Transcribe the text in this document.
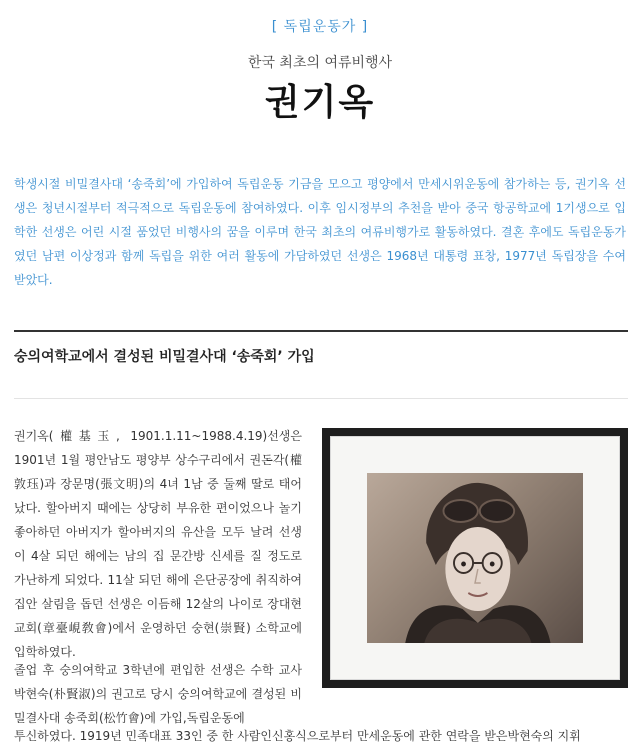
[ 독립운동가 ]
한국 최초의 여류비행사
권기옥
학생시절 비밀결사대 ‘송죽회’에 가입하여 독립운동 기금을 모으고 평양에서 만세시위운동에 참가하는 등, 권기옥 선생은 청년시절부터 적극적으로 독립운동에 참여하였다. 이후 임시정부의 추천을 받아 중국 항공학교에 1기생으로 입학한 선생은 어린 시절 품었던 비행사의 꿈을 이루며 한국 최초의 여류비행가로 활동하였다. 결혼 후에도 독립운동가였던 남편 이상정과 함께 독립을 위한 여러 활동에 가담하였던 선생은 1968년 대통령 표창, 1977년 독립장을 수여 받았다.
숭의여학교에서 결성된 비밀결사대 ‘송죽회’ 가입
권기옥(權基玉, 1901.1.11~1988.4.19)선생은 1901년 1월 평안남도 평양부 상수구리에서 권돈각(權敦珏)과 장문명(張文明)의 4녀 1남 중 둘째 딸로 태어났다. 할아버지 때에는 상당히 부유한 편이었으나 놀기 좋아하던 아버지가 할아버지의 유산을 모두 날려 선생이 4살 되던 해에는 남의 집 문간방 신세를 질 정도로 가난하게 되었다. 11살 되던 해에 은단공장에 취직하여 집안 살림을 돕던 선생은 이듬해 12살의 나이로 장대현교회(章臺峴敎會)에서 운영하던 숭현(崇賢) 소학교에 입학하였다.
졸업 후 숭의여학교 3학년에 편입한 선생은 수학 교사 박현숙(朴賢淑)의 권고로 당시 숭의여학교에 결성된 비밀결사대 송죽회(松竹會)에 가입,독립운동에
투신하였다. 1919년 민족대표 33인 중 한 사람인신홍식으로부터 만세운동에 관한 연락을 받은박현숙의 지휘
